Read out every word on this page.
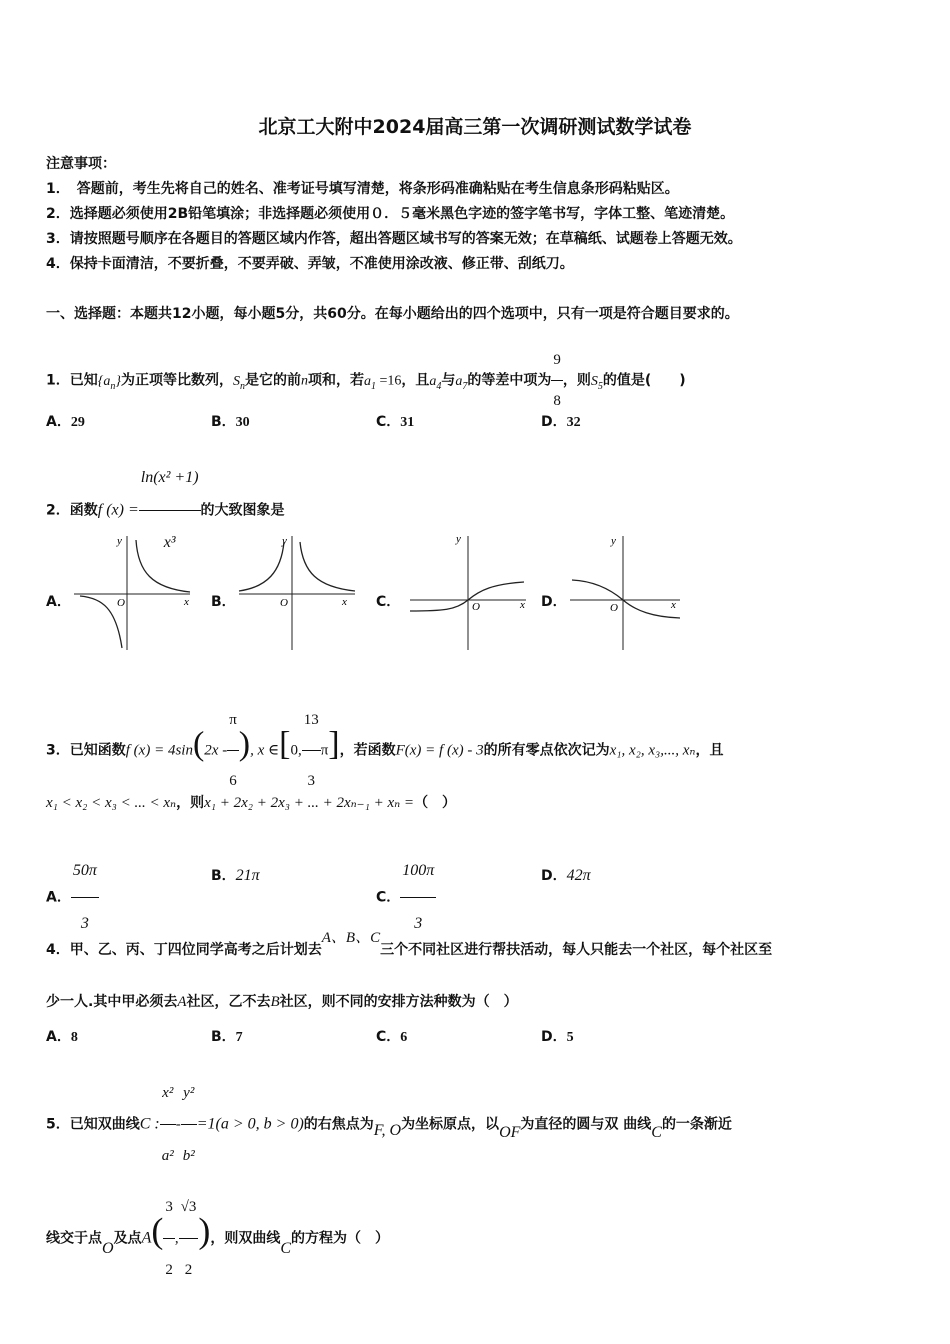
北京工大附中2024届高三第一次调研测试数学试卷
注意事项：
1．　答题前，考生先将自己的姓名、准考证号填写清楚，将条形码准确粘贴在考生信息条形码粘贴区。
2．选择题必须使用2B铅笔填涂；非选择题必须使用０．５毫米黑色字迹的签字笔书写，字体工整、笔迹清楚。
3．请按照题号顺序在各题目的答题区域内作答，超出答题区域书写的答案无效；在草稿纸、试题卷上答题无效。
4．保持卡面清洁，不要折叠，不要弄破、弄皱，不准使用涂改液、修正带、刮纸刀。
一、选择题：本题共12小题，每小题5分，共60分。在每小题给出的四个选项中，只有一项是符合题目要求的。
1．已知$\{a_n\}$为正项等比数列，$S_n$是它的前n项和，若$a_1 =16$，且$a_4$与$a_7$的等差中项为 $\frac{9}{8}$ ，则$S_5$的值是(　　)
A．29	B．30	C．31	D．32
2．函数f $(x) = \frac{\text{ln(x² +1)}}{\text{x³}}$ 的大致图象是
A．	B．	C．	D．
y
x
O
y
x
O
y
x
O
y
x
O
3．已知函数f $(x) = 4\sin(2x - \frac{\pi}{6}$ ), x ∈[0, $\frac{13}{3} \pi$]，若函数F(x) = f (x) - 3的所有零点依次记为x₁, x₂, x₃,..., xₙ，且
x₁ < x₂ < x₃ < ... < xₙ，则x₁ + 2x₂ + 2x₃ + ... + 2xₙ₋₁ + xₙ =（　）
A． $\frac{50\pi}{3}$	B．21π
C． $\frac{100\pi}{3}$	D．42π
4．甲、乙、丙、丁四位同学高考之后计划去A、B、C三个不同社区进行帮扶活动，每人只能去一个社区，每个社区至
少一人.其中甲必须去A社区，乙不去B社区，则不同的安排方法种数为（　）
A．8	B．7	C．6	D．5
5．已知双曲线C : $\frac{\text{x²}}{\text{a²}} - \frac{\text{y²}}{\text{b²}} =1(a > 0$, b > 0)的右焦点为F, O为坐标原点，以OF为直径的圆与双 曲线C的一条渐近
线交于点O及点$A( \frac{3}{2}$ , $\frac{√3}{2}$ )，则双曲线C的方程为（　）
